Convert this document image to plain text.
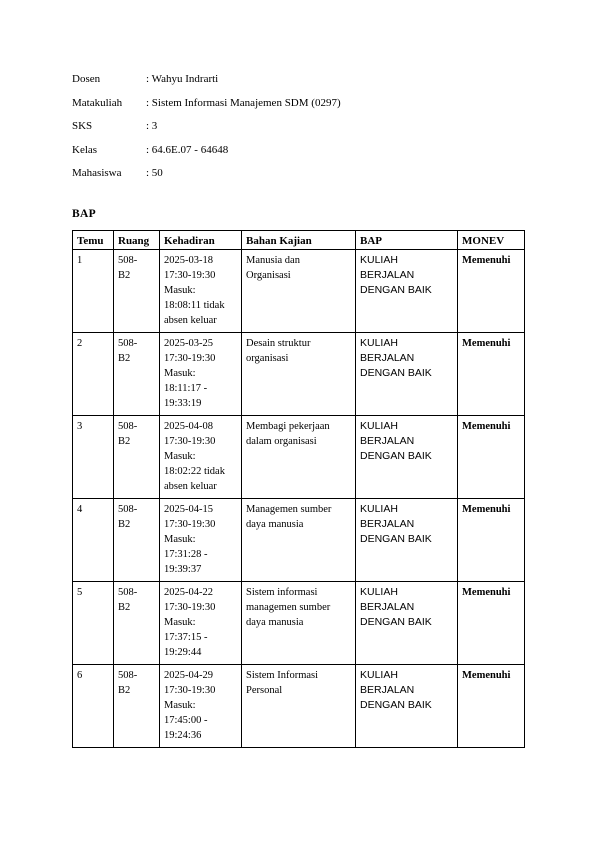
Dosen	: Wahyu Indrarti
Matakuliah : Sistem Informasi Manajemen SDM (0297)
SKS	: 3
Kelas	: 64.6E.07 - 64648
Mahasiswa : 50
BAP
Temu	Ruang	Kehadiran	Bahan Kajian	BAP	MONEV
1	508-
B2	2025-03-18
17:30-19:30
Masuk:
18:08:11 tidak
absen keluar	Manusia dan
Organisasi	KULIAH
BERJALAN
DENGAN BAIK	Memenuhi
2	508-
B2	2025-03-25
17:30-19:30
Masuk:
18:11:17 -
19:33:19	Desain struktur
organisasi	KULIAH
BERJALAN
DENGAN BAIK	Memenuhi
3	508-
B2	2025-04-08
17:30-19:30
Masuk:
18:02:22 tidak
absen keluar	Membagi pekerjaan
dalam organisasi	KULIAH
BERJALAN
DENGAN BAIK	Memenuhi
4	508-
B2	2025-04-15
17:30-19:30
Masuk:
17:31:28 -
19:39:37	Managemen sumber
daya manusia	KULIAH
BERJALAN
DENGAN BAIK	Memenuhi
5	508-
B2	2025-04-22
17:30-19:30
Masuk:
17:37:15 -
19:29:44	Sistem informasi
managemen sumber
daya manusia	KULIAH
BERJALAN
DENGAN BAIK	Memenuhi
6	508-
B2	2025-04-29
17:30-19:30
Masuk:
17:45:00 -
19:24:36	Sistem Informasi
Personal	KULIAH
BERJALAN
DENGAN BAIK	Memenuhi
